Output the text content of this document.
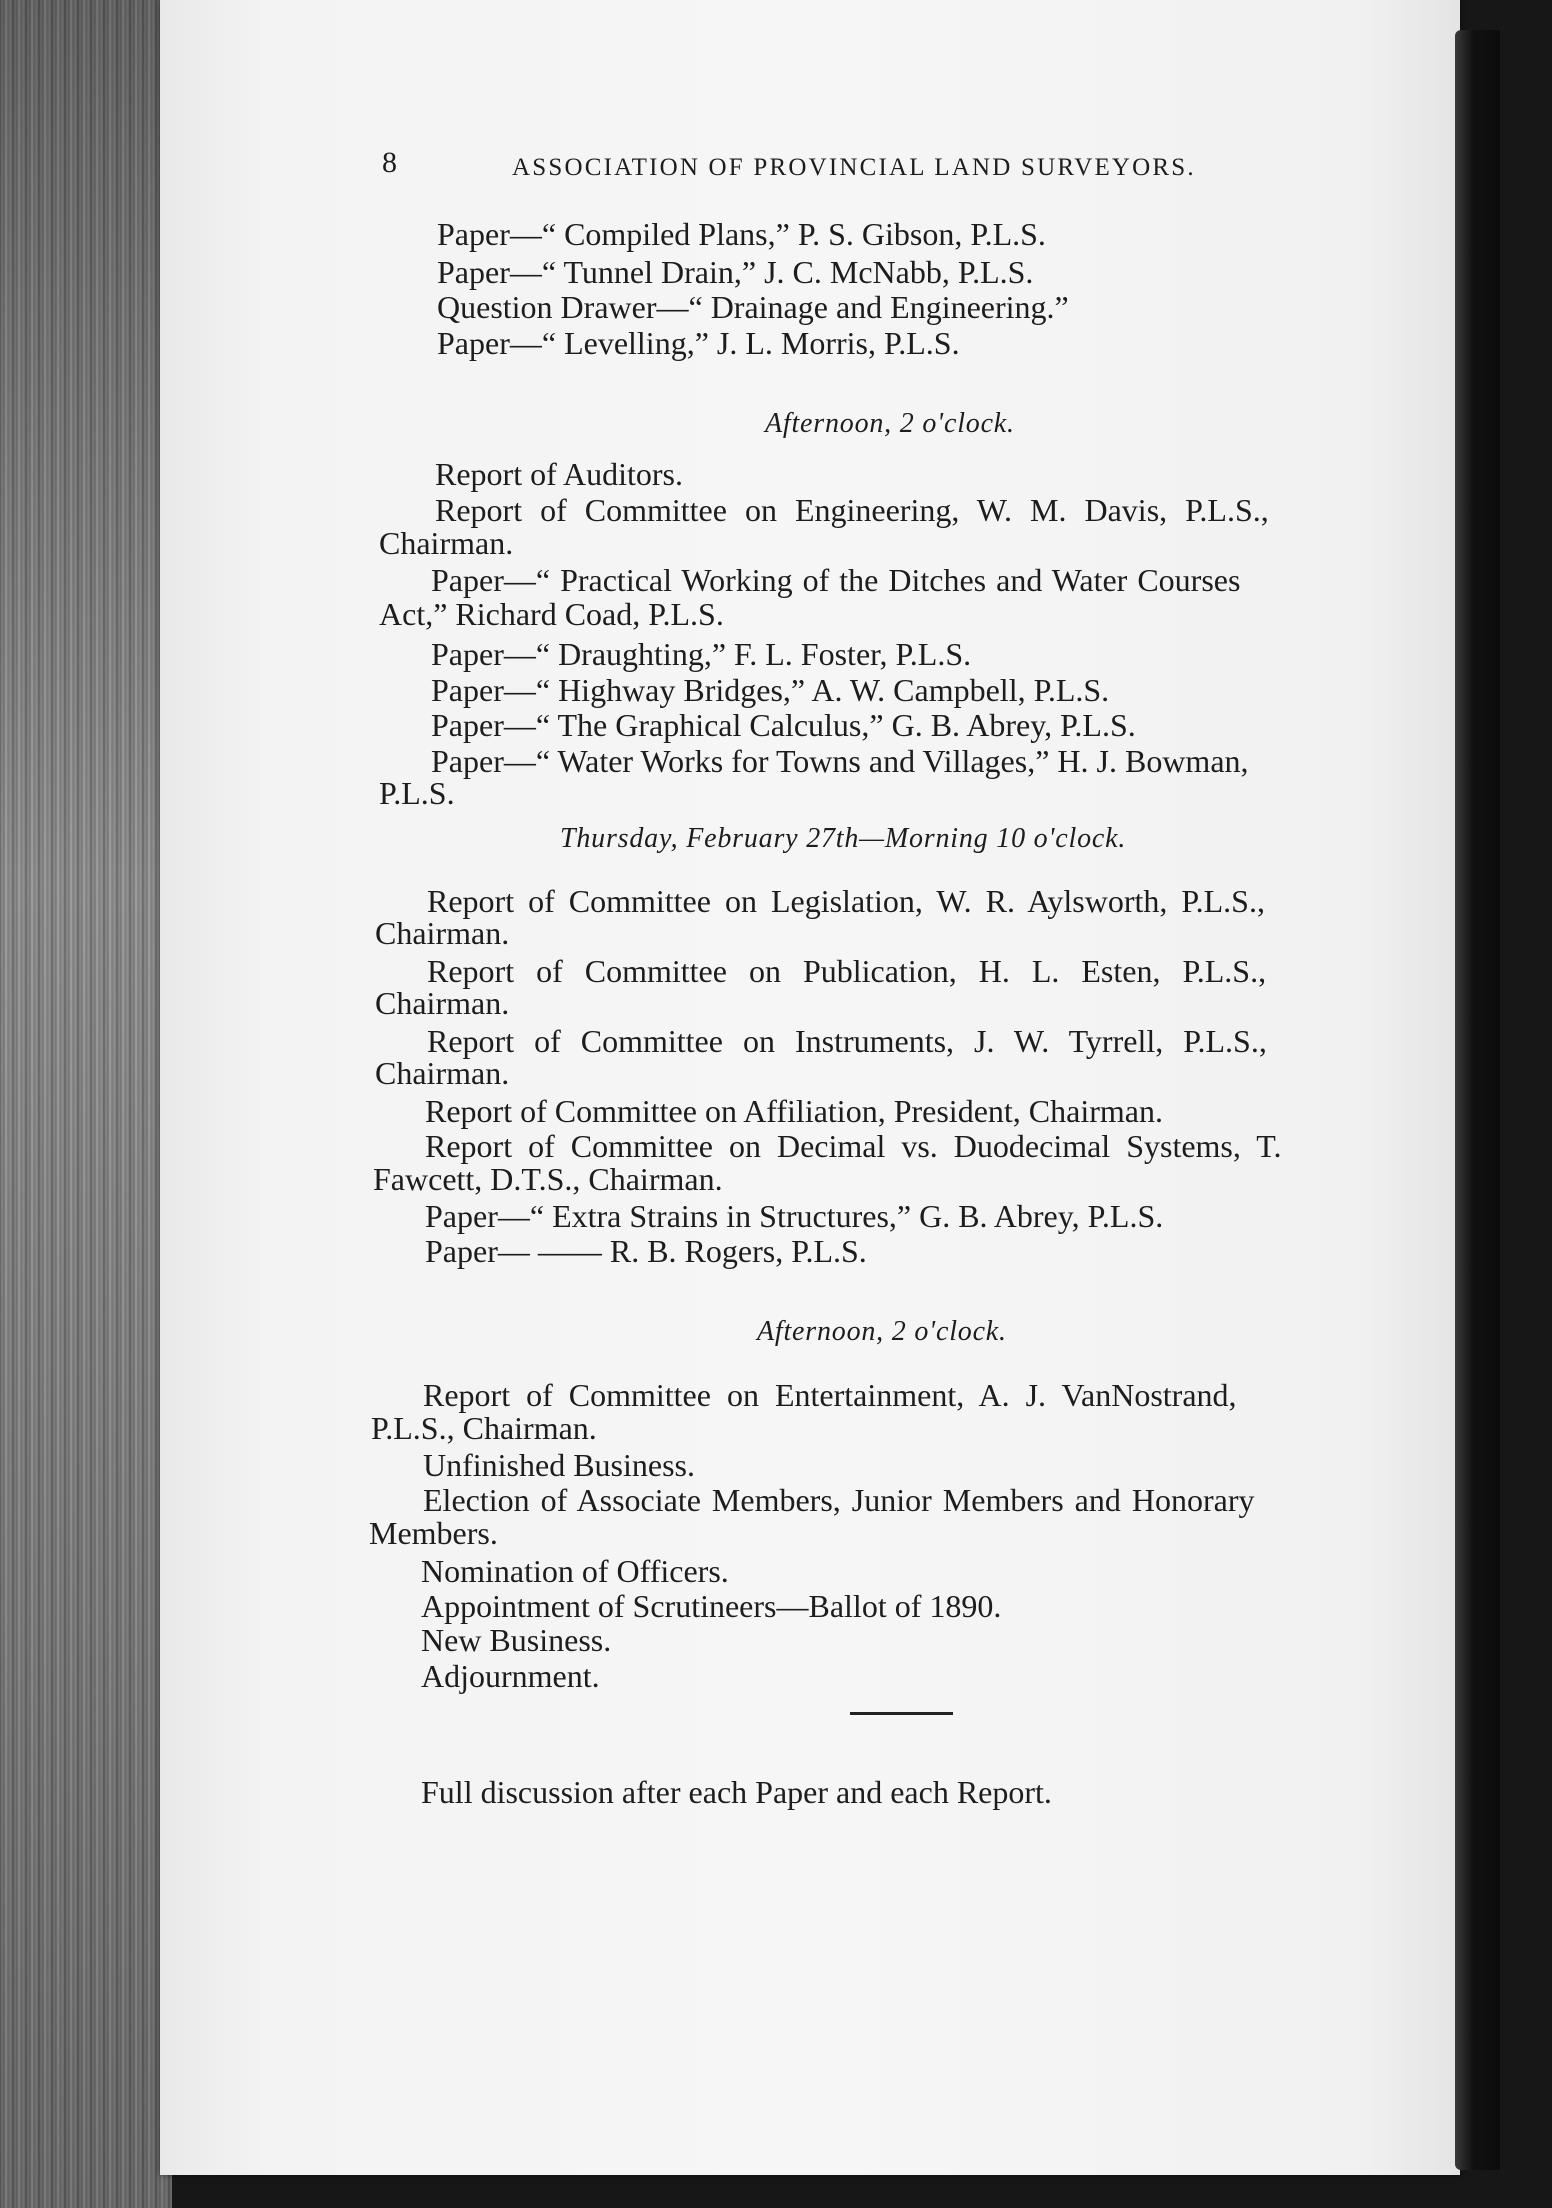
8	ASSOCIATION OF PROVINCIAL LAND SURVEYORS.
Paper—“ Compiled Plans,” P. S. Gibson, P.L.S.
Paper—“ Tunnel Drain,” J. C. McNabb, P.L.S.
Question Drawer—“ Drainage and Engineering.”
Paper—“ Levelling,” J. L. Morris, P.L.S.
Afternoon, 2 o'clock.
Report of Auditors.
Report of Committee on Engineering, W. M. Davis, P.L.S.,
Chairman.
Paper—“ Practical Working of the Ditches and Water Courses
Act,” Richard Coad, P.L.S.
Paper—“ Draughting,” F. L. Foster, P.L.S.
Paper—“ Highway Bridges,” A. W. Campbell, P.L.S.
Paper—“ The Graphical Calculus,” G. B. Abrey, P.L.S.
Paper—“ Water Works for Towns and Villages,” H. J. Bowman,
P.L.S.
Thursday, February 27th—Morning 10 o'clock.
Report of Committee on Legislation, W. R. Aylsworth, P.L.S.,
Chairman.
Report of Committee on Publication, H. L. Esten, P.L.S.,
Chairman.
Report of Committee on Instruments, J. W. Tyrrell, P.L.S.,
Chairman.
Report of Committee on Affiliation, President, Chairman.
Report of Committee on Decimal vs. Duodecimal Systems, T.
Fawcett, D.T.S., Chairman.
Paper—“ Extra Strains in Structures,” G. B. Abrey, P.L.S.
Paper— —— R. B. Rogers, P.L.S.
Afternoon, 2 o'clock.
Report of Committee on Entertainment, A. J. VanNostrand,
P.L.S., Chairman.
Unfinished Business.
Election of Associate Members, Junior Members and Honorary
Members.
Nomination of Officers.
Appointment of Scrutineers—Ballot of 1890.
New Business.
Adjournment.
Full discussion after each Paper and each Report.
